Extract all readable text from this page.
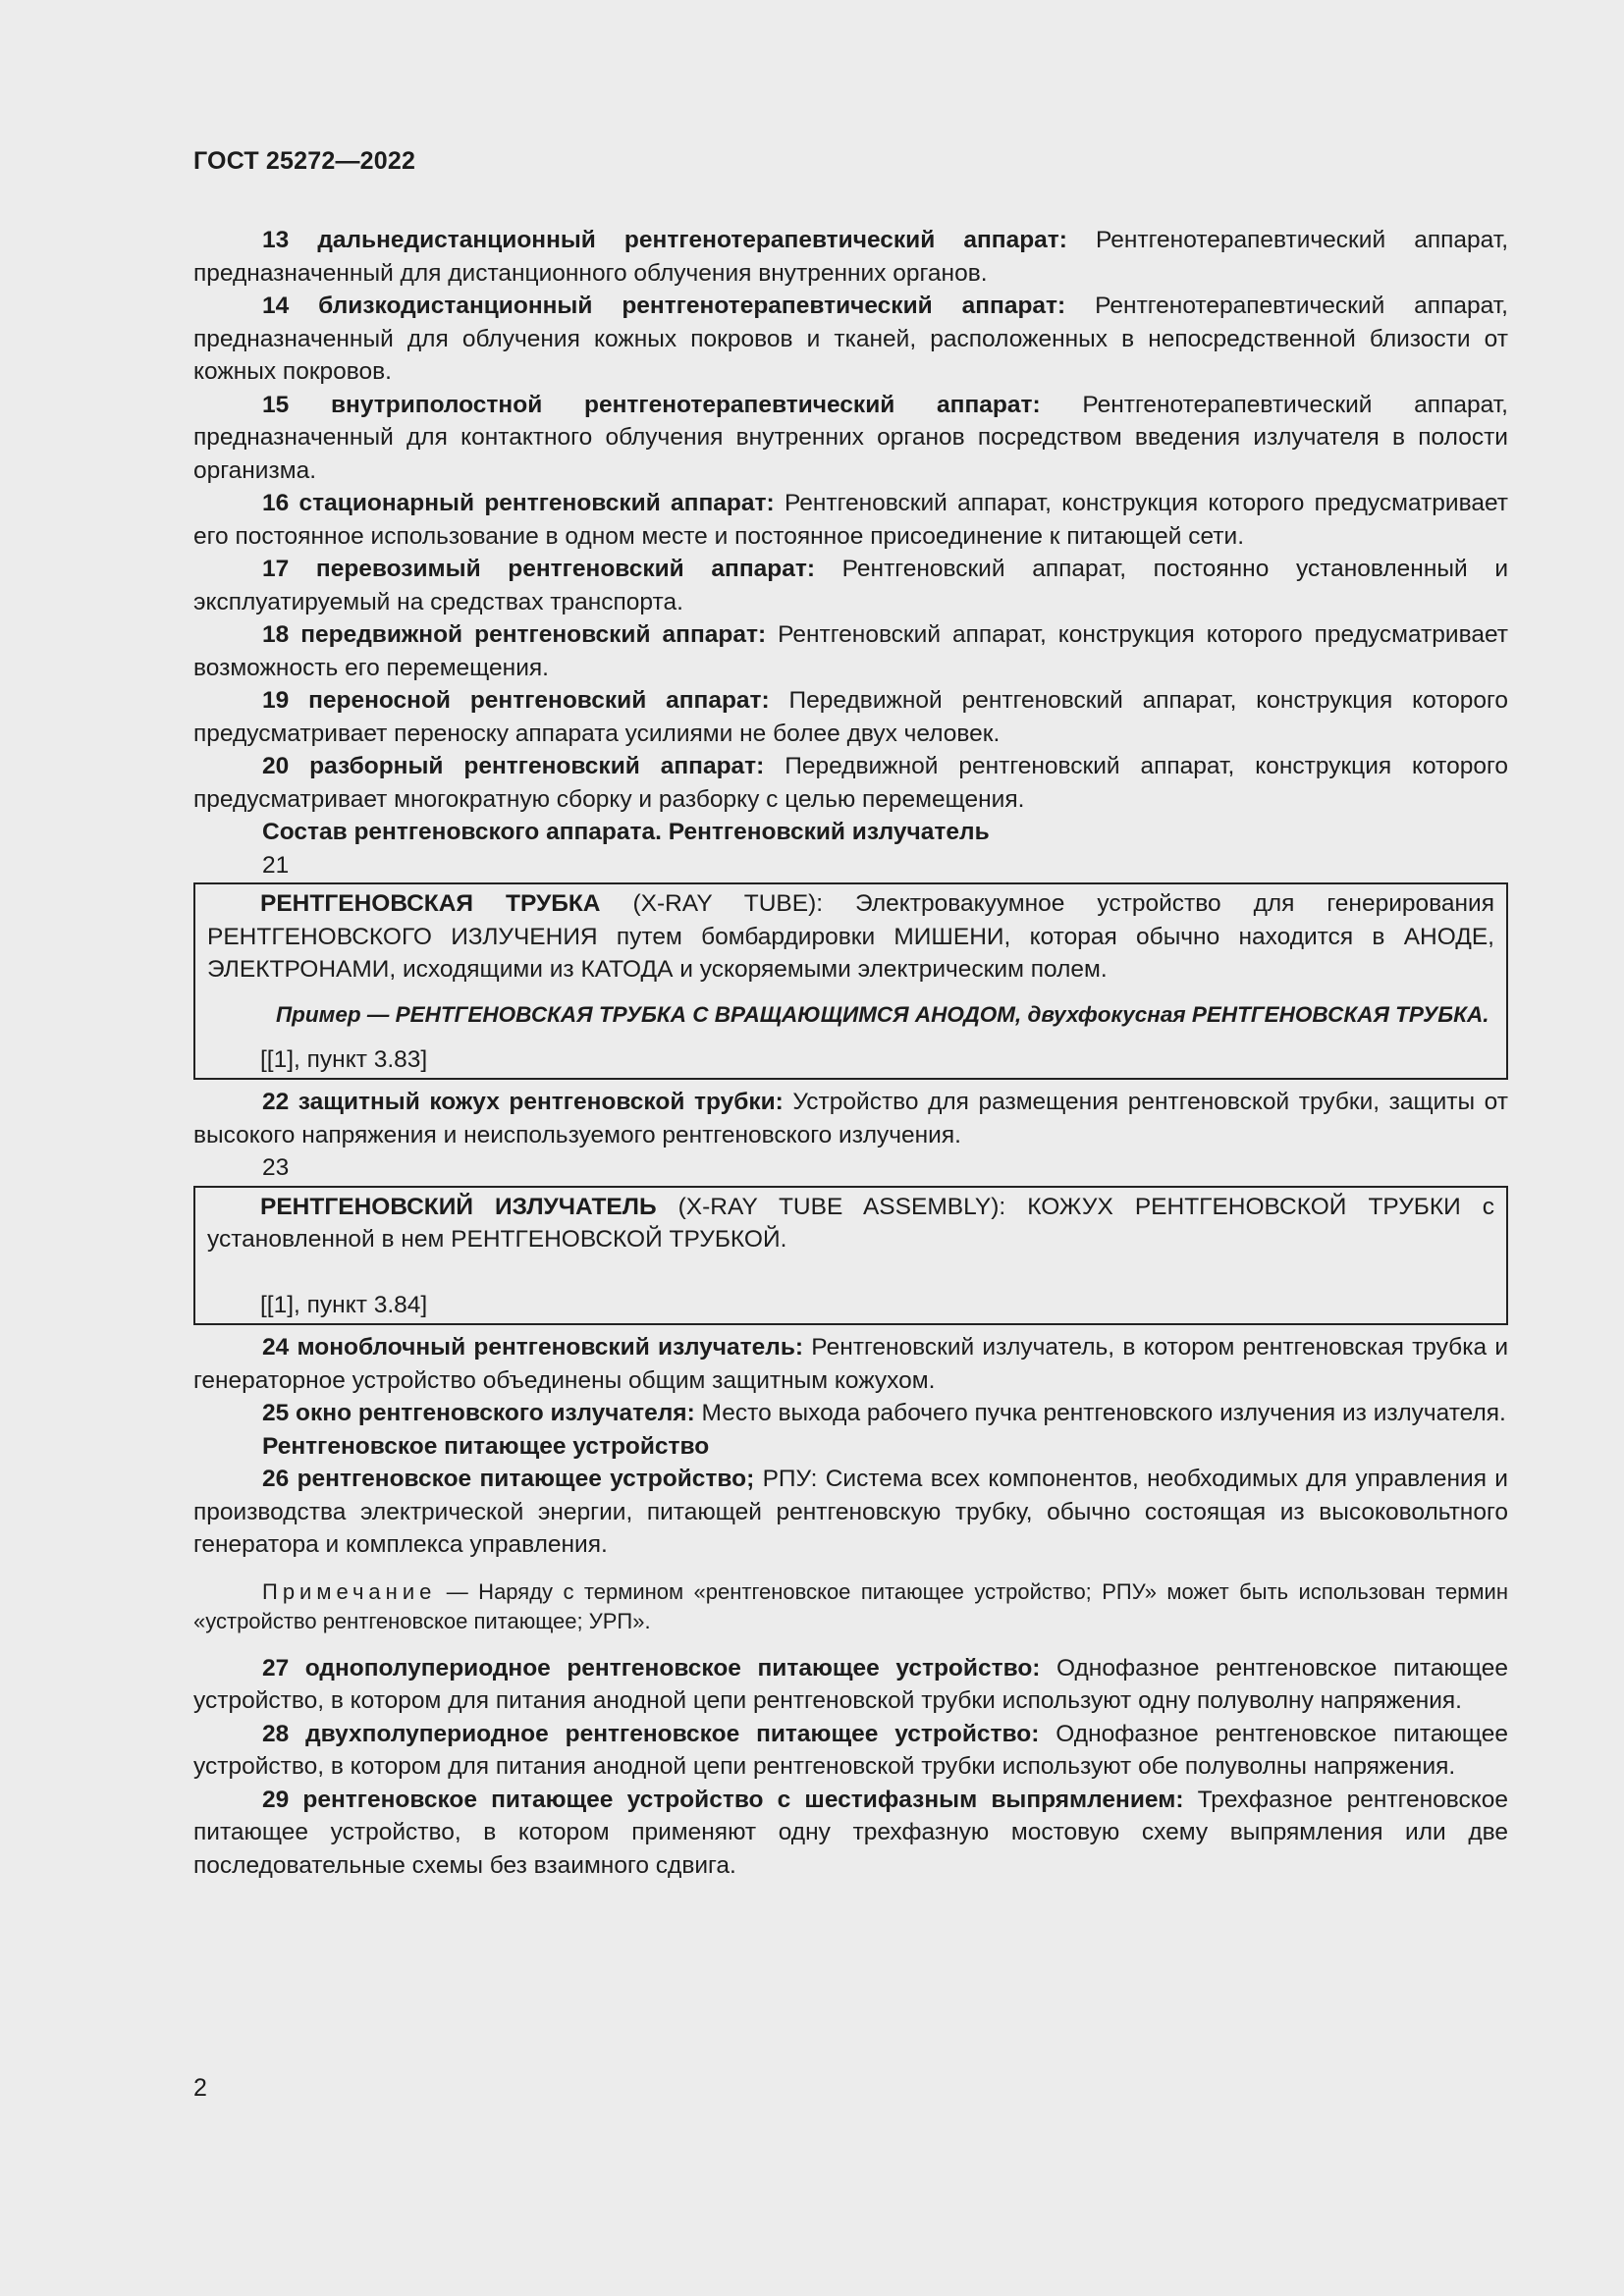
ГОСТ 25272—2022

13 дальнедистанционный рентгенотерапевтический аппарат: Рентгенотерапевтический аппарат, предназначенный для дистанционного облучения внутренних органов.

14 близкодистанционный рентгенотерапевтический аппарат: Рентгенотерапевтический аппарат, предназначенный для облучения кожных покровов и тканей, расположенных в непосредственной близости от кожных покровов.

15 внутриполостной рентгенотерапевтический аппарат: Рентгенотерапевтический аппарат, предназначенный для контактного облучения внутренних органов посредством введения излучателя в полости организма.

16 стационарный рентгеновский аппарат: Рентгеновский аппарат, конструкция которого предусматривает его постоянное использование в одном месте и постоянное присоединение к питающей сети.

17 перевозимый рентгеновский аппарат: Рентгеновский аппарат, постоянно установленный и эксплуатируемый на средствах транспорта.

18 передвижной рентгеновский аппарат: Рентгеновский аппарат, конструкция которого предусматривает возможность его перемещения.

19 переносной рентгеновский аппарат: Передвижной рентгеновский аппарат, конструкция которого предусматривает переноску аппарата усилиями не более двух человек.

20 разборный рентгеновский аппарат: Передвижной рентгеновский аппарат, конструкция которого предусматривает многократную сборку и разборку с целью перемещения.

Состав рентгеновского аппарата. Рентгеновский излучатель

21

РЕНТГЕНОВСКАЯ ТРУБКА (X-RAY TUBE): Электровакуумное устройство для генерирования РЕНТГЕНОВСКОГО ИЗЛУЧЕНИЯ путем бомбардировки МИШЕНИ, которая обычно находится в АНОДЕ, ЭЛЕКТРОНАМИ, исходящими из КАТОДА и ускоряемыми электрическим полем.

Пример — РЕНТГЕНОВСКАЯ ТРУБКА С ВРАЩАЮЩИМСЯ АНОДОМ, двухфокусная РЕНТГЕНОВСКАЯ ТРУБКА.

[[1], пункт 3.83]

22 защитный кожух рентгеновской трубки: Устройство для размещения рентгеновской трубки, защиты от высокого напряжения и неиспользуемого рентгеновского излучения.

23

РЕНТГЕНОВСКИЙ ИЗЛУЧАТЕЛЬ (X-RAY TUBE ASSEMBLY): КОЖУХ РЕНТГЕНОВСКОЙ ТРУБКИ с установленной в нем РЕНТГЕНОВСКОЙ ТРУБКОЙ.

[[1], пункт 3.84]

24 моноблочный рентгеновский излучатель: Рентгеновский излучатель, в котором рентгеновская трубка и генераторное устройство объединены общим защитным кожухом.

25 окно рентгеновского излучателя: Место выхода рабочего пучка рентгеновского излучения из излучателя.

Рентгеновское питающее устройство

26 рентгеновское питающее устройство; РПУ: Система всех компонентов, необходимых для управления и производства электрической энергии, питающей рентгеновскую трубку, обычно состоящая из высоковольтного генератора и комплекса управления.

Примечание — Наряду с термином «рентгеновское питающее устройство; РПУ» может быть использован термин «устройство рентгеновское питающее; УРП».

27 однополупериодное рентгеновское питающее устройство: Однофазное рентгеновское питающее устройство, в котором для питания анодной цепи рентгеновской трубки используют одну полуволну напряжения.

28 двухполупериодное рентгеновское питающее устройство: Однофазное рентгеновское питающее устройство, в котором для питания анодной цепи рентгеновской трубки используют обе полуволны напряжения.

29 рентгеновское питающее устройство с шестифазным выпрямлением: Трехфазное рентгеновское питающее устройство, в котором применяют одну трехфазную мостовую схему выпрямления или две последовательные схемы без взаимного сдвига.

2
